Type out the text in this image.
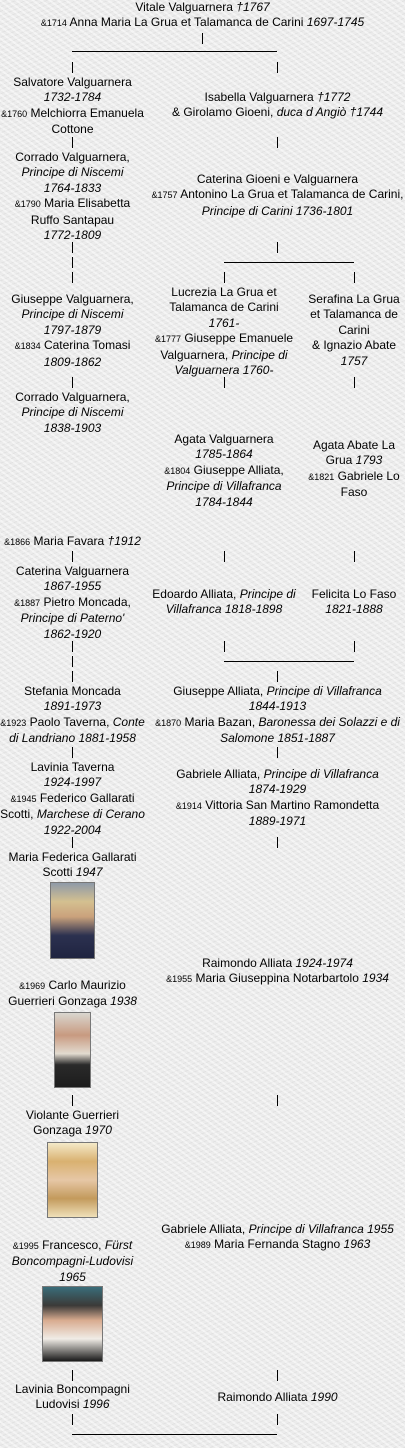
Vitale Valguarnera †1767
&1714 Anna Maria La Grua et Talamanca de Carini 1697-1745
Salvatore Valguarnera
1732-1784
&1760 Melchiorra Emanuela Cottone
Corrado Valguarnera,
Principe di Niscemi
1764-1833
&1790 Maria Elisabetta Ruffo Santapau
1772-1809
Giuseppe Valguarnera,
Principe di Niscemi
1797-1879
&1834 Caterina Tomasi
1809-1862
Corrado Valguarnera,
Principe di Niscemi
1838-1903
&1866 Maria Favara †1912
Caterina Valguarnera
1867-1955
&1887 Pietro Moncada,
Principe di Paterno'
1862-1920
Stefania Moncada
1891-1973
&1923 Paolo Taverna, Conte di Landriano 1881-1958
Lavinia Taverna
1924-1997
&1945 Federico Gallarati Scotti, Marchese di Cerano 1922-2004
Maria Federica Gallarati Scotti 1947
&1969 Carlo Maurizio Guerrieri Gonzaga 1938
Violante Guerrieri Gonzaga 1970
&1995 Francesco, Fürst Boncompagni-Ludovisi
1965
Lavinia Boncompagni Ludovisi 1996
Isabella Valguarnera †1772
& Girolamo Gioeni, duca d Angiò †1744
Caterina Gioeni e Valguarnera
&1757 Antonino La Grua et Talamanca de Carini, Principe di Carini 1736-1801
Lucrezia La Grua et Talamanca de Carini
1761-
&1777 Giuseppe Emanuele Valguarnera, Principe di Valguarnera 1760-
Serafina La Grua et Talamanca de Carini
& Ignazio Abate
1757
Agata Valguarnera
1785-1864
&1804 Giuseppe Alliata,
Principe di Villafranca
1784-1844
Agata Abate La Grua 1793
&1821 Gabriele Lo Faso
Edoardo Alliata, Principe di Villafranca 1818-1898
Felicita Lo Faso
1821-1888
Giuseppe Alliata, Principe di Villafranca
1844-1913
&1870 Maria Bazan, Baronessa dei Solazzi e di Salomone 1851-1887
Gabriele Alliata, Principe di Villafranca
1874-1929
&1914 Vittoria San Martino Ramondetta
1889-1971
Raimondo Alliata 1924-1974
&1955 Maria Giuseppina Notarbartolo 1934
Gabriele Alliata, Principe di Villafranca 1955
&1989 Maria Fernanda Stagno 1963
Raimondo Alliata 1990
